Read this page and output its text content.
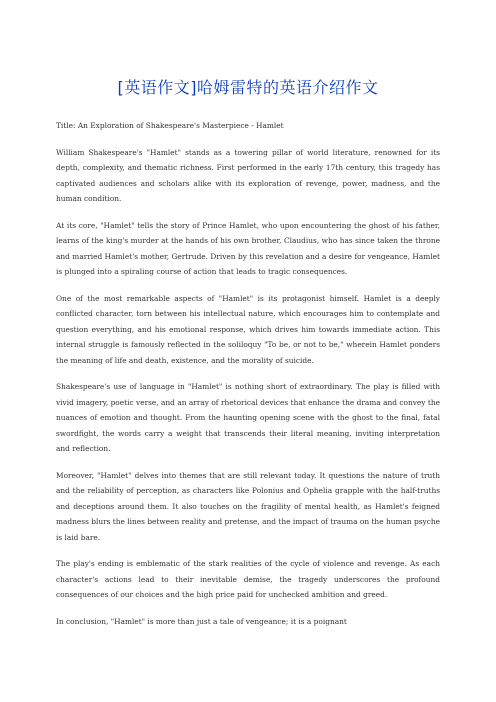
[英语作文]哈姆雷特的英语介绍作文

Title: An Exploration of Shakespeare's Masterpiece - Hamlet

William Shakespeare's "Hamlet" stands as a towering pillar of world literature, renowned for its depth, complexity, and thematic richness. First performed in the early 17th century, this tragedy has captivated audiences and scholars alike with its exploration of revenge, power, madness, and the human condition.

At its core, "Hamlet" tells the story of Prince Hamlet, who upon encountering the ghost of his father, learns of the king's murder at the hands of his own brother, Claudius, who has since taken the throne and married Hamlet's mother, Gertrude. Driven by this revelation and a desire for vengeance, Hamlet is plunged into a spiraling course of action that leads to tragic consequences.

One of the most remarkable aspects of "Hamlet" is its protagonist himself. Hamlet is a deeply conflicted character, torn between his intellectual nature, which encourages him to contemplate and question everything, and his emotional response, which drives him towards immediate action. This internal struggle is famously reflected in the soliloquy "To be, or not to be," wherein Hamlet ponders the meaning of life and death, existence, and the morality of suicide.

Shakespeare's use of language in "Hamlet" is nothing short of extraordinary. The play is filled with vivid imagery, poetic verse, and an array of rhetorical devices that enhance the drama and convey the nuances of emotion and thought. From the haunting opening scene with the ghost to the final, fatal swordfight, the words carry a weight that transcends their literal meaning, inviting interpretation and reflection.

Moreover, "Hamlet" delves into themes that are still relevant today. It questions the nature of truth and the reliability of perception, as characters like Polonius and Ophelia grapple with the half-truths and deceptions around them. It also touches on the fragility of mental health, as Hamlet's feigned madness blurs the lines between reality and pretense, and the impact of trauma on the human psyche is laid bare.

The play's ending is emblematic of the stark realities of the cycle of violence and revenge. As each character's actions lead to their inevitable demise, the tragedy underscores the profound consequences of our choices and the high price paid for unchecked ambition and greed.

In conclusion, "Hamlet" is more than just a tale of vengeance; it is a poignant
